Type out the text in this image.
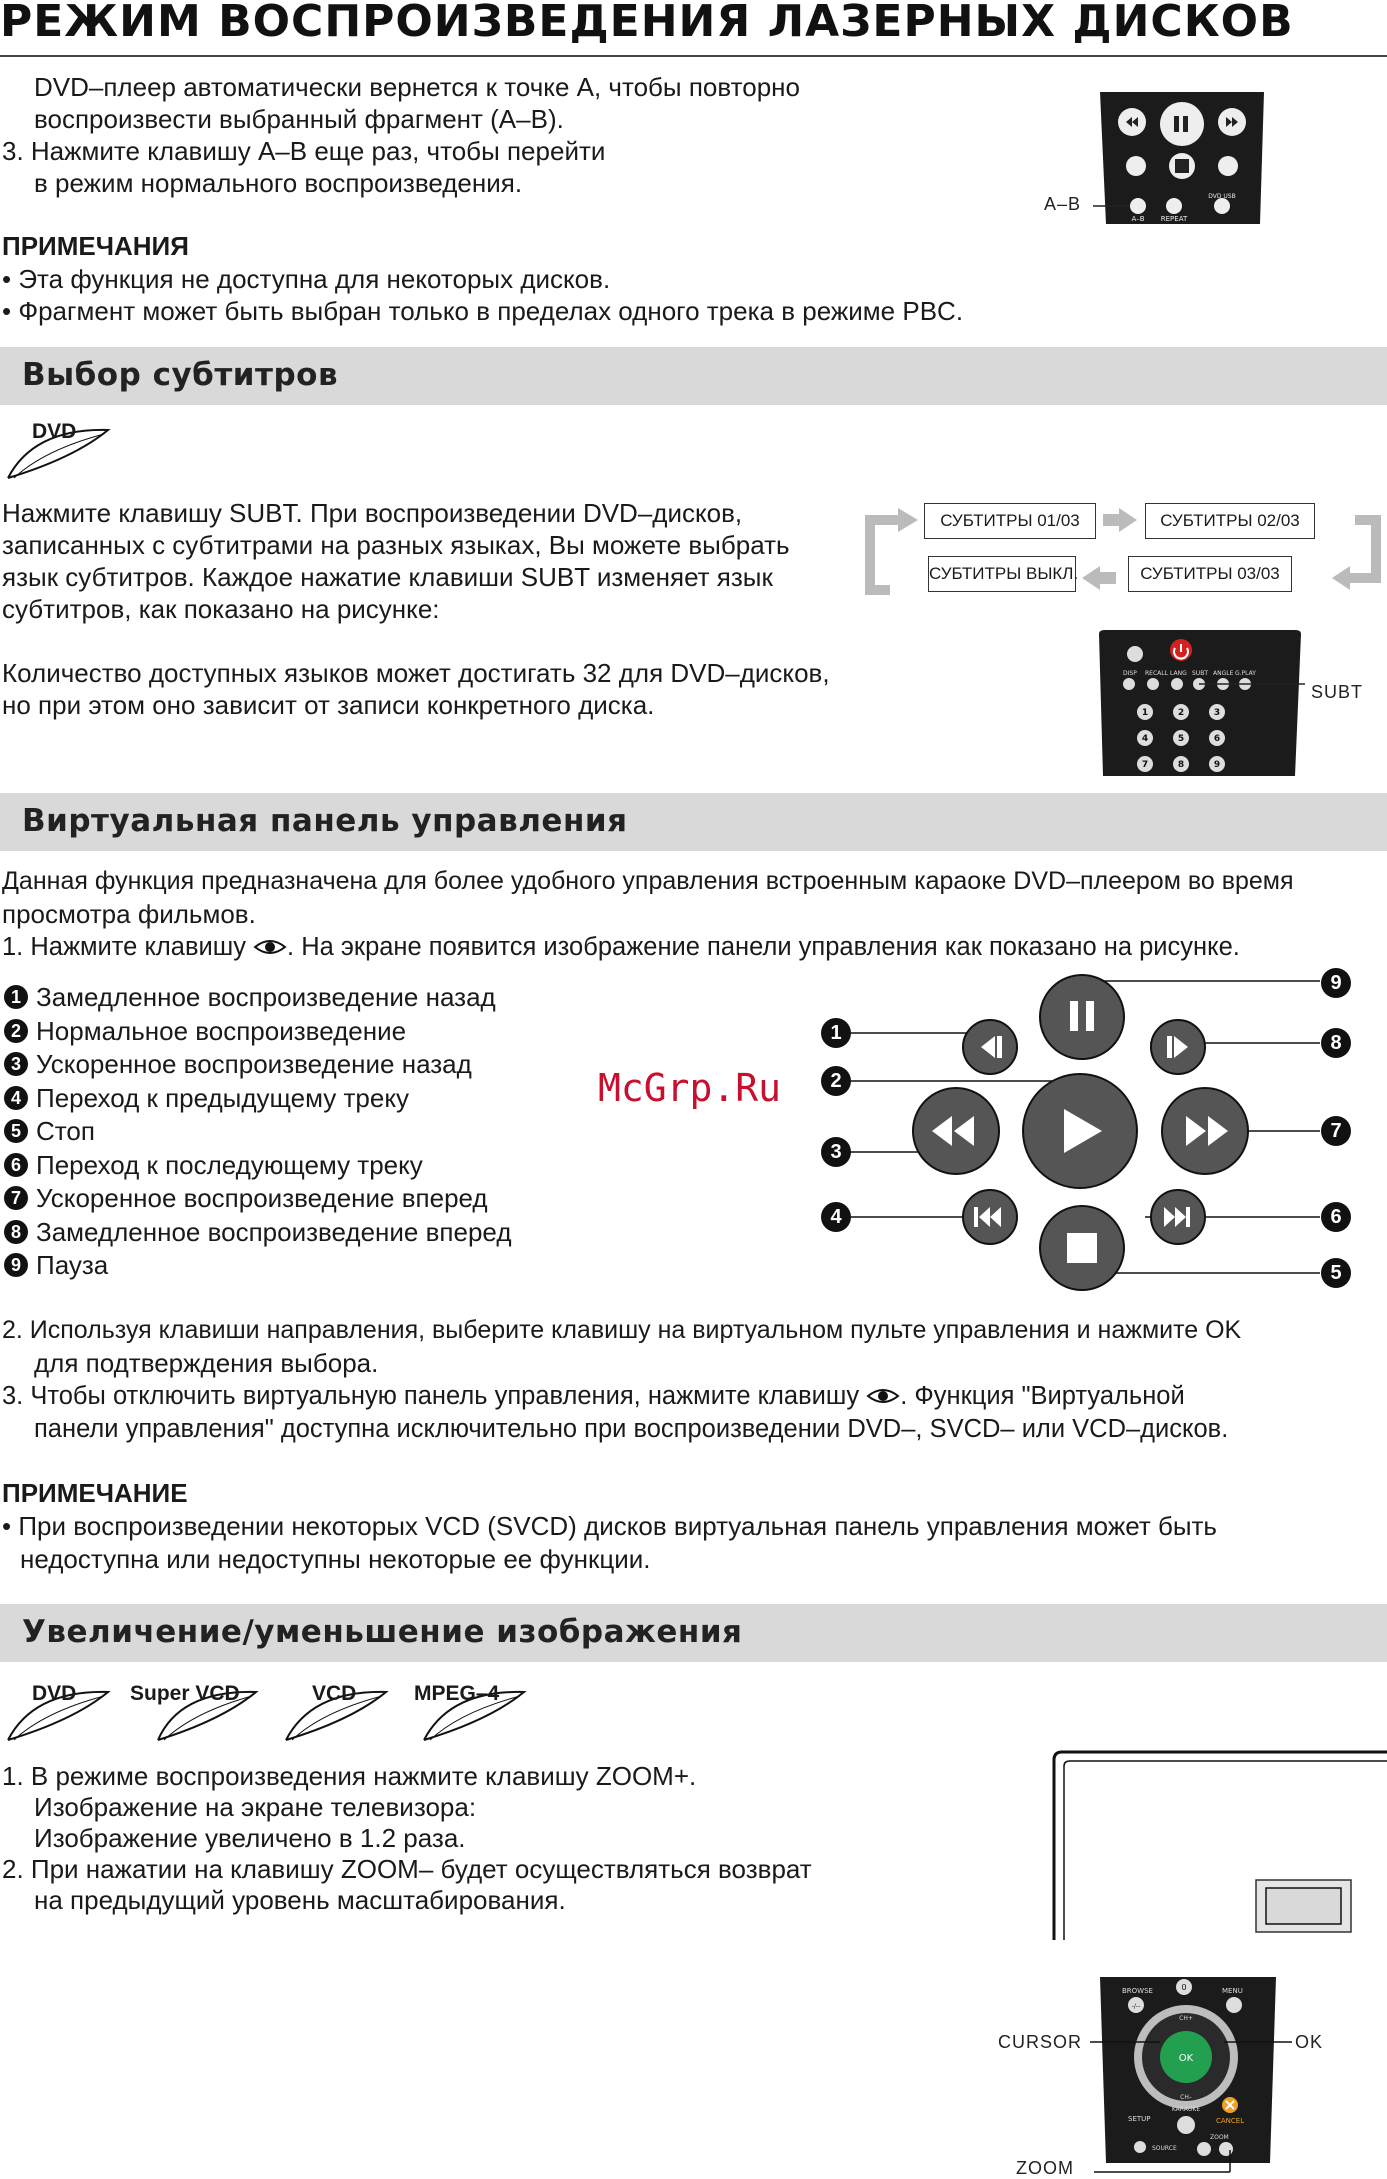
РЕЖИМ ВОСПРОИЗВЕДЕНИЯ ЛАЗЕРНЫХ ДИСКОВ
DVD–плеер автоматически вернется к точке А, чтобы повторно
воспроизвести выбранный фрагмент (A–B).
3. Нажмите клавишу A–B еще раз, чтобы перейти
в режим нормального воспроизведения.
A–B REPEAT
DVD USB
A–B
ПРИМЕЧАНИЯ
• Эта функция не доступна для некоторых дисков.
• Фрагмент может быть выбран только в пределах одного трека в режиме PBC.
Выбор субтитров
DVD
Нажмите клавишу SUBT. При воспроизведении DVD–дисков,
записанных с субтитрами на разных языках, Вы можете выбрать
язык субтитров. Каждое нажатие клавиши SUBT изменяет язык
субтитров, как показано на рисунке:
Количество доступных языков может достигать 32 для DVD–дисков,
но при этом оно зависит от записи конкретного диска.
СУБТИТРЫ 01/03	СУБТИТРЫ 02/03
СУБТИТРЫ 03/03
СУБТИТРЫ ВЫКЛ.
DISP RECALL LANG SUBT ANGLE G.PLAY
1	2	3
4	5	6
7	8	9
SUBT
Виртуальная панель управления
Данная функция предназначена для более удобного управления встроенным караоке DVD–плеером во время
просмотра фильмов.
1. Нажмите клавишу . На экране появится изображение панели управления как показано на рисунке.
1 Замедленное воспроизведение назад
2 Нормальное воспроизведение
3 Ускоренное воспроизведение назад
4 Переход к предыдущему треку
5 Стоп
6 Переход к последующему треку
7 Ускоренное воспроизведение вперед
8 Замедленное воспроизведение вперед
9 Пауза
McGrp.Ru
9
1	8
2
7
3
4	6
5
2. Используя клавиши направления, выберите клавишу на виртуальном пульте управления и нажмите OK
для подтверждения выбора.
3. Чтобы отключить виртуальную панель управления, нажмите клавишу . Функция "Виртуальной
панели управления" доступна исключительно при воспроизведении DVD–, SVCD– или VCD–дисков.
ПРИМЕЧАНИЕ
• При воспроизведении некоторых VCD (SVCD) дисков виртуальная панель управления может быть
недоступна или недоступны некоторые ее функции.
Увеличение/уменьшение изображения
DVD	Super VCD	VCD	MPEG–4
1. В режиме воспроизведения нажмите клавишу ZOOM+.
Изображение на экране телевизора:
Изображение увеличено в 1.2 раза.
2. При нажатии на клавишу ZOOM– будет осуществляться возврат
на предыдущий уровень масштабирования.
BROWSE	MENU
0
-/--
OK
CH+
CH–
KARAOKE
SETUP	CANCEL
SOURCE
ZOOM
CURSOR	OK
ZOOM
